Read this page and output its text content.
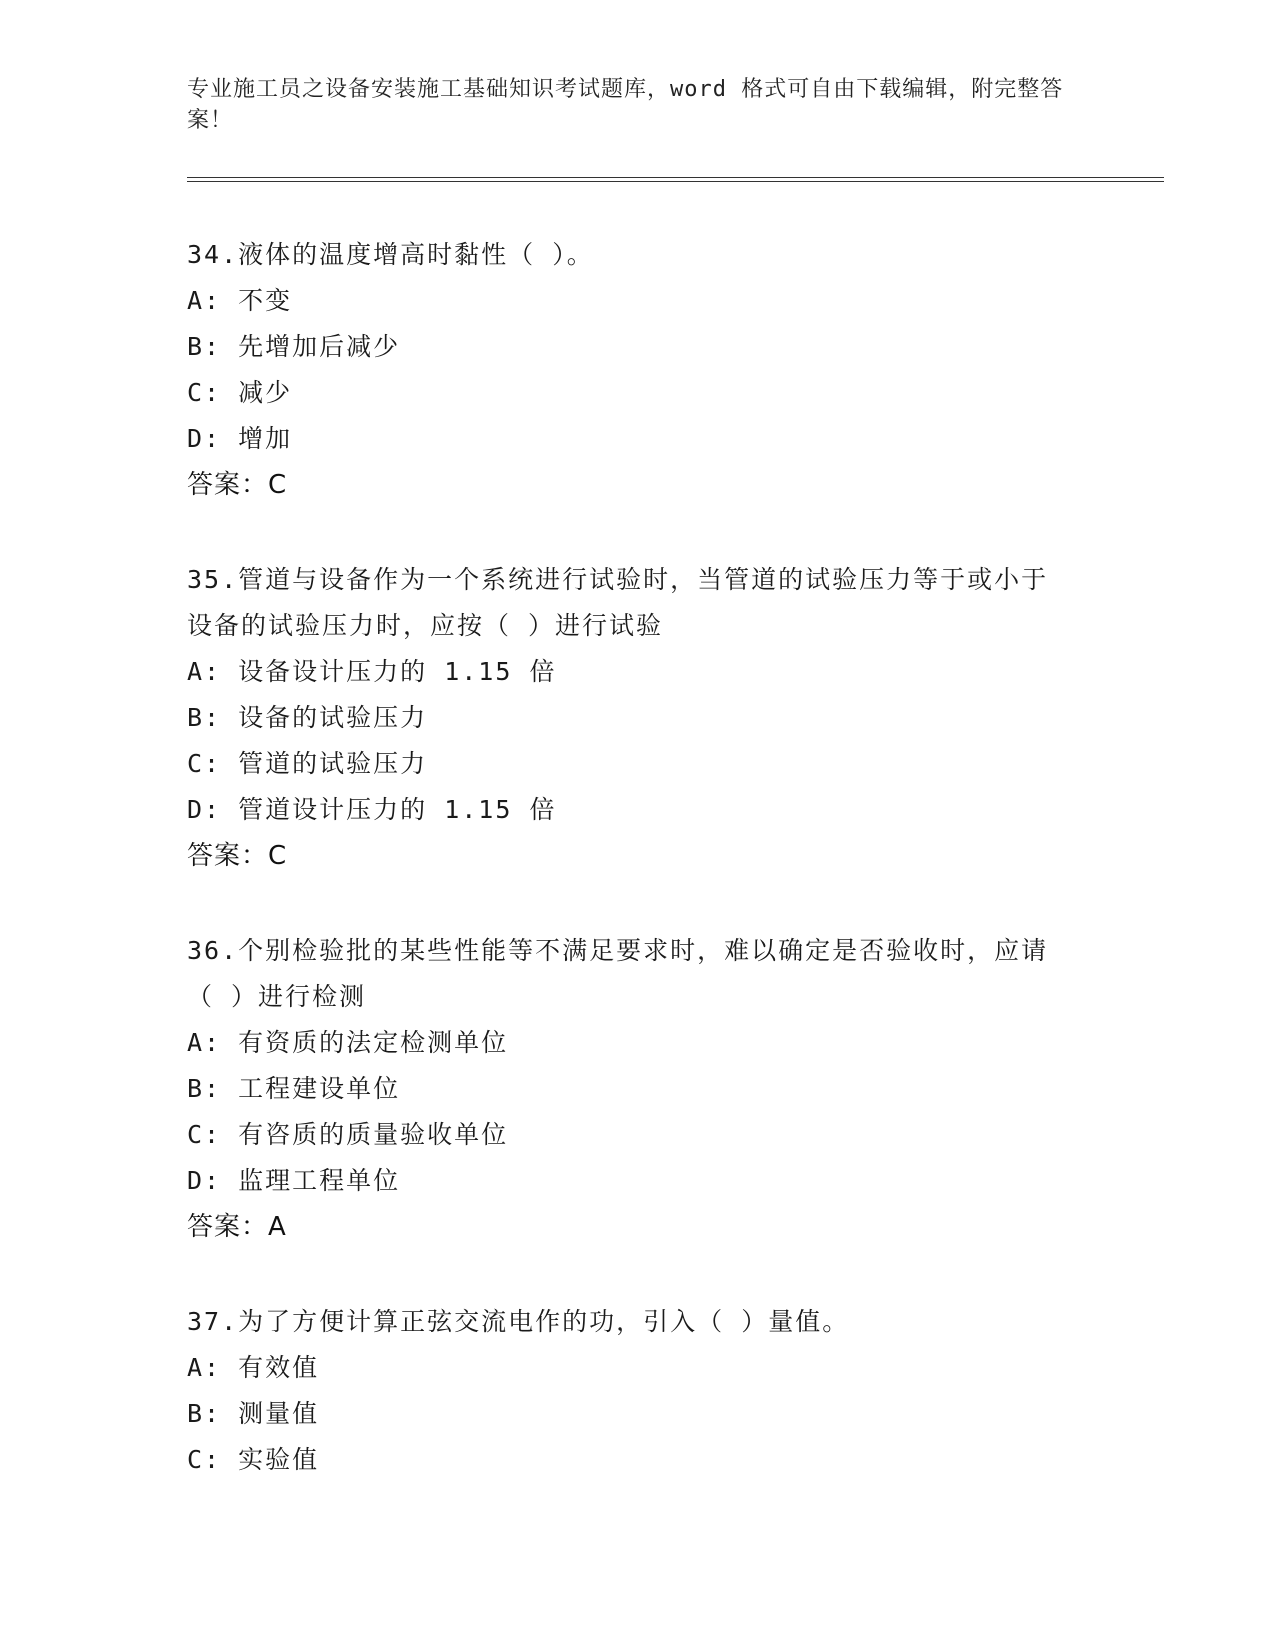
专业施工员之设备安装施工基础知识考试题库，word 格式可自由下载编辑，附完整答案！
34.液体的温度增高时黏性（ ）。
A: 不变
B: 先增加后减少
C: 减少
D: 增加
答案：C
35.管道与设备作为一个系统进行试验时，当管道的试验压力等于或小于设备的试验压力时，应按（ ）进行试验
A: 设备设计压力的 1.15 倍
B: 设备的试验压力
C: 管道的试验压力
D: 管道设计压力的 1.15 倍
答案：C
36.个别检验批的某些性能等不满足要求时，难以确定是否验收时，应请（ ）进行检测
A: 有资质的法定检测单位
B: 工程建设单位
C: 有咨质的质量验收单位
D: 监理工程单位
答案：A
37.为了方便计算正弦交流电作的功，引入（ ）量值。
A: 有效值
B: 测量值
C: 实验值
